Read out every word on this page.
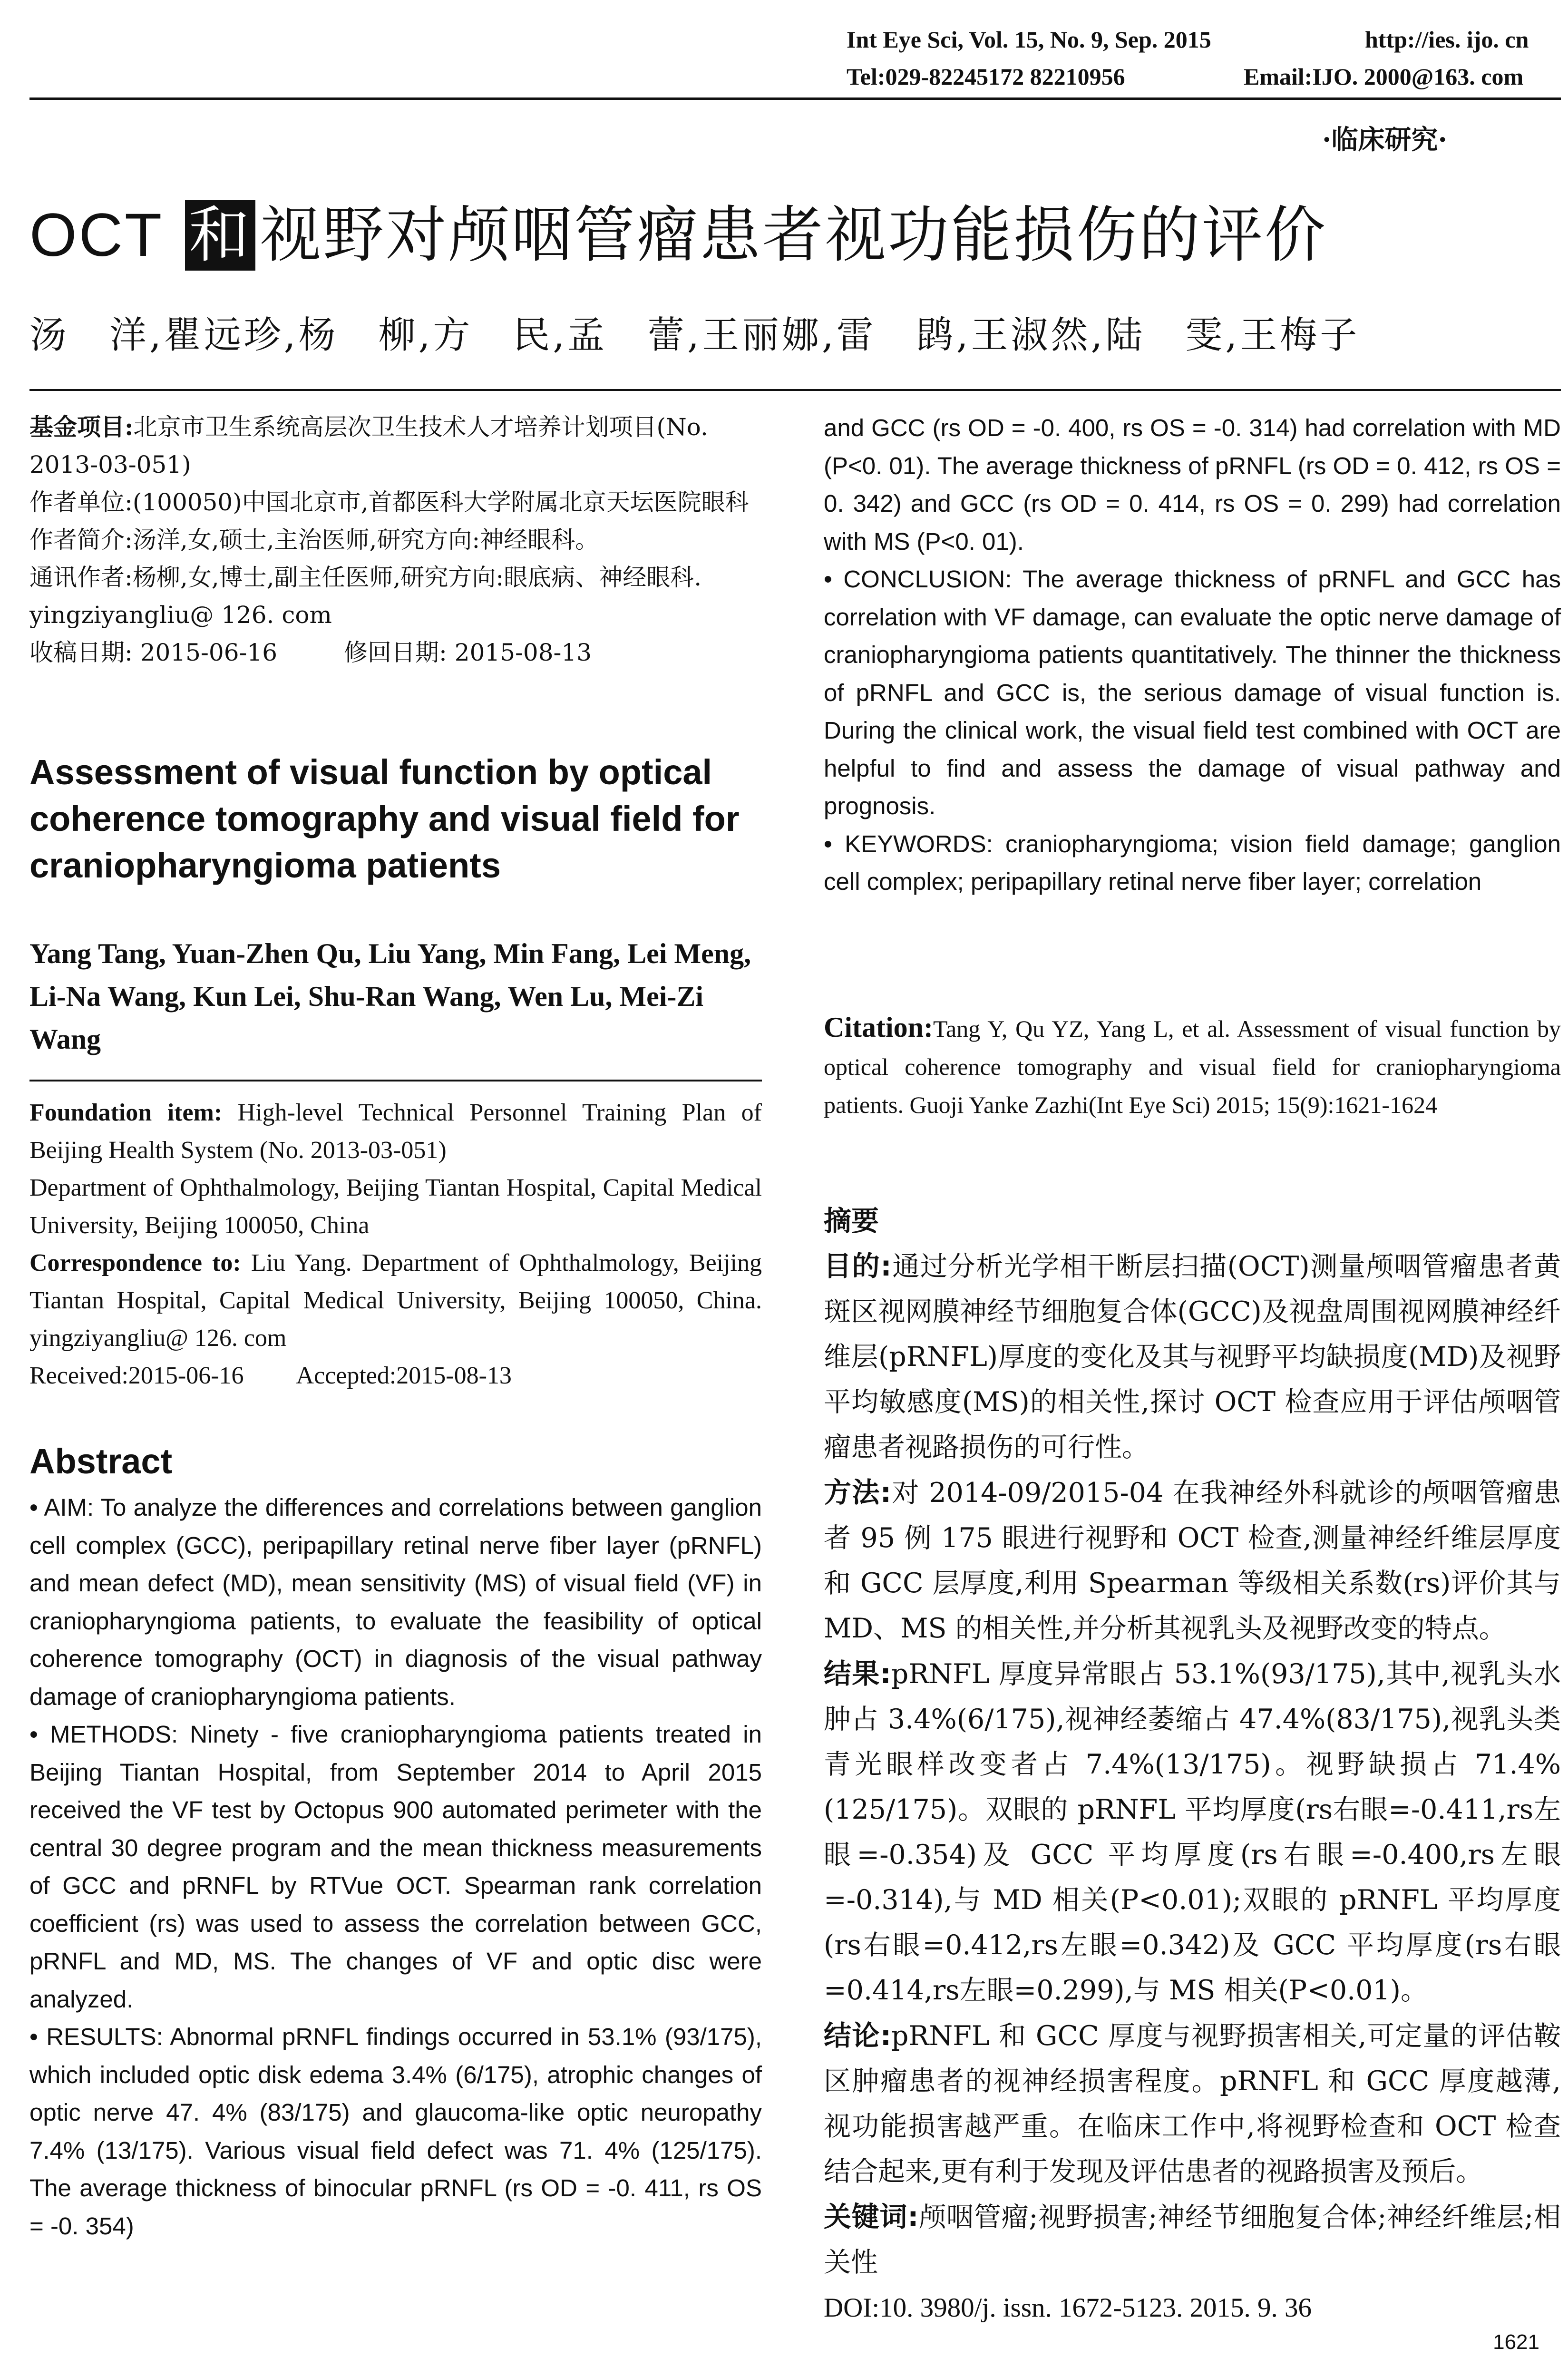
Int Eye Sci, Vol. 15, No. 9, Sep. 2015	http://ies. ijo. cn
Tel:029-82245172 82210956	Email:IJO. 2000@163. com
·临床研究·
OCT 和 视野对颅咽管瘤患者视功能损伤的评价
汤　洋,瞿远珍,杨　柳,方　民,孟　蕾,王丽娜,雷　鹍,王淑然,陆　雯,王梅子

基金项目:北京市卫生系统高层次卫生技术人才培养计划项目(No. 2013-03-051)

作者单位:(100050)中国北京市,首都医科大学附属北京天坛医院眼科

作者简介:汤洋,女,硕士,主治医师,研究方向:神经眼科。

通讯作者:杨柳,女,博士,副主任医师,研究方向:眼底病、神经眼科. yingziyangliu@ 126. com

收稿日期: 2015-06-16	修回日期: 2015-08-13

Assessment of visual function by optical coherence tomography and visual field for craniopharyngioma patients
Yang Tang, Yuan-Zhen Qu, Liu Yang, Min Fang, Lei Meng, Li-Na Wang, Kun Lei, Shu-Ran Wang, Wen Lu, Mei-Zi Wang

Foundation item: High-level Technical Personnel Training Plan of Beijing Health System (No. 2013-03-051)

Department of Ophthalmology, Beijing Tiantan Hospital, Capital Medical University, Beijing 100050, China

Correspondence to: Liu Yang. Department of Ophthalmology, Beijing Tiantan Hospital, Capital Medical University, Beijing 100050, China. yingziyangliu@ 126. com

Received:2015-06-16 Accepted:2015-08-13

Abstract

• AIM: To analyze the differences and correlations between ganglion cell complex (GCC), peripapillary retinal nerve fiber layer (pRNFL) and mean defect (MD), mean sensitivity (MS) of visual field (VF) in craniopharyngioma patients, to evaluate the feasibility of optical coherence tomography (OCT) in diagnosis of the visual pathway damage of craniopharyngioma patients.

• METHODS: Ninety - five craniopharyngioma patients treated in Beijing Tiantan Hospital, from September 2014 to April 2015 received the VF test by Octopus 900 automated perimeter with the central 30 degree program and the mean thickness measurements of GCC and pRNFL by RTVue OCT. Spearman rank correlation coefficient (rs) was used to assess the correlation between GCC, pRNFL and MD, MS. The changes of VF and optic disc were analyzed.

• RESULTS: Abnormal pRNFL findings occurred in 53.1% (93/175), which included optic disk edema 3.4% (6/175), atrophic changes of optic nerve 47. 4% (83/175) and glaucoma-like optic neuropathy 7.4% (13/175). Various visual field defect was 71. 4% (125/175). The average thickness of binocular pRNFL (rs OD = -0. 411, rs OS = -0. 354)

and GCC (rs OD = -0. 400, rs OS = -0. 314) had correlation with MD (P<0. 01). The average thickness of pRNFL (rs OD = 0. 412, rs OS = 0. 342) and GCC (rs OD = 0. 414, rs OS = 0. 299) had correlation with MS (P<0. 01).

• CONCLUSION: The average thickness of pRNFL and GCC has correlation with VF damage, can evaluate the optic nerve damage of craniopharyngioma patients quantitatively. The thinner the thickness of pRNFL and GCC is, the serious damage of visual function is. During the clinical work, the visual field test combined with OCT are helpful to find and assess the damage of visual pathway and prognosis.

• KEYWORDS: craniopharyngioma; vision field damage; ganglion cell complex; peripapillary retinal nerve fiber layer; correlation

Citation:Tang Y, Qu YZ, Yang L, et al. Assessment of visual function by optical coherence tomography and visual field for craniopharyngioma patients. Guoji Yanke Zazhi(Int Eye Sci) 2015; 15(9):1621-1624

摘要

目的:通过分析光学相干断层扫描(OCT)测量颅咽管瘤患者黄斑区视网膜神经节细胞复合体(GCC)及视盘周围视网膜神经纤维层(pRNFL)厚度的变化及其与视野平均缺损度(MD)及视野平均敏感度(MS)的相关性,探讨 OCT 检查应用于评估颅咽管瘤患者视路损伤的可行性。

方法:对 2014-09/2015-04 在我神经外科就诊的颅咽管瘤患者 95 例 175 眼进行视野和 OCT 检查,测量神经纤维层厚度和 GCC 层厚度,利用 Spearman 等级相关系数(rs)评价其与 MD、MS 的相关性,并分析其视乳头及视野改变的特点。

结果:pRNFL 厚度异常眼占 53.1%(93/175),其中,视乳头水肿占 3.4%(6/175),视神经萎缩占 47.4%(83/175),视乳头类青光眼样改变者占 7.4%(13/175)。视野缺损占 71.4%(125/175)。双眼的 pRNFL 平均厚度(rs右眼=-0.411,rs左眼=-0.354)及 GCC 平均厚度(rs右眼=-0.400,rs左眼=-0.314),与 MD 相关(P<0.01);双眼的 pRNFL 平均厚度(rs右眼=0.412,rs左眼=0.342)及 GCC 平均厚度(rs右眼=0.414,rs左眼=0.299),与 MS 相关(P<0.01)。

结论:pRNFL 和 GCC 厚度与视野损害相关,可定量的评估鞍区肿瘤患者的视神经损害程度。pRNFL 和 GCC 厚度越薄,视功能损害越严重。在临床工作中,将视野检查和 OCT 检查结合起来,更有利于发现及评估患者的视路损害及预后。

关键词:颅咽管瘤;视野损害;神经节细胞复合体;神经纤维层;相关性

DOI:10. 3980/j. issn. 1672-5123. 2015. 9. 36

1621
